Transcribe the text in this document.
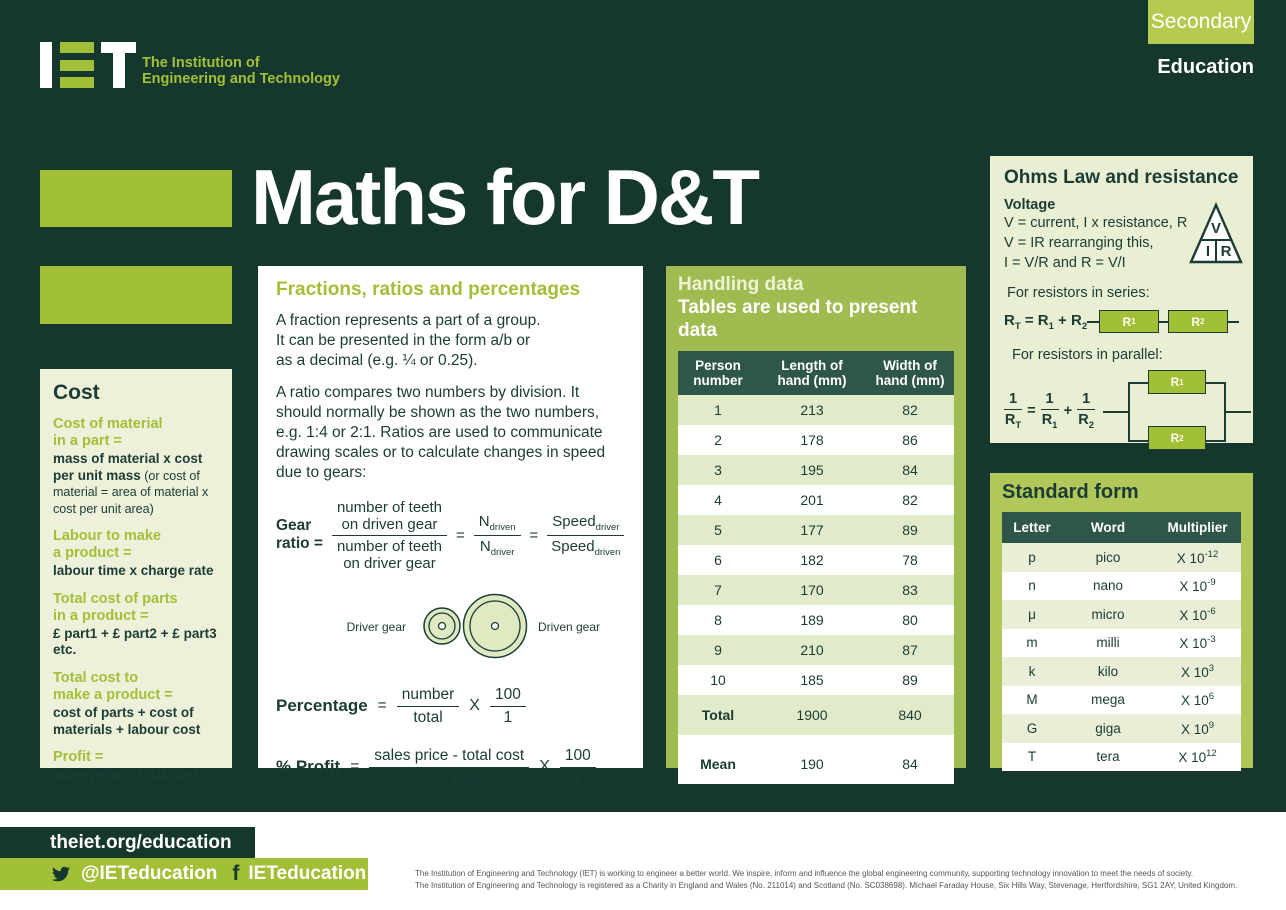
The Institution of
Engineering and Technology
Secondary
Education
Maths for D&T
Cost
Cost of material
in a part =
mass of material x cost per unit mass (or cost of material = area of material x cost per unit area)
Labour to make
a product =
labour time x charge rate
Total cost of parts
in a product =
£ part1 + £ part2 + £ part3 etc.
Total cost to
make a product =
cost of parts + cost of materials + labour cost
Profit =
sales price – total cost
Fractions, ratios and percentages
A fraction represents a part of a group.
It can be presented in the form a/b or
as a decimal (e.g. ¼ or 0.25).
A ratio compares two numbers by division. It should normally be shown as the two numbers, e.g. 1:4 or 2:1. Ratios are used to communicate drawing scales or to calculate changes in speed due to gears:
Gear
ratio = number of teeth
on driven gear
number of teeth
on driver gear = $\frac{N_{driven}}{N_{driver}} = \frac{Speed_{driver}}{Speed_{driven}}$
Driver gear	Driven gear
Percentage = $\frac{\text{number}}{\text{total}}$ X $\frac{100}{1}$
% Profit = $\frac{\text{sales price - total cost}}{\text{sales price}}$ X $\frac{100}{1}$
Handling data
Tables are used to present data
Person number
Length of hand (mm)
Width of hand (mm)
1	213	82
2	178	86
3	195	84
4	201	82
5	177	89
6	182	78
7	170	83
8	189	80
9	210	87
10	185	89
Total	1900	840
Mean	190	84
Ohms Law and resistance
Voltage
V = current, I x resistance, R
V = IR rearranging this,
I = V/R and R = V/I
For resistors in series:
$R_T = R_1 + R_2$	R 1	R 2
For resistors in parallel:
$\frac{1}{R_T} = \frac{1}{R_1} + \frac{1}{R_2}$
R 1
R 2
V
I R
Standard form
Letter	Word	Multiplier
p	pico	X $10^{-12}$
n	nano	X $10^{-9}$
μ	micro	X $10^{-6}$
m	milli	X $10^{-3}$
k	kilo	X $10^3$
M	mega	X $10^6$
G	giga	X $10^9$
T	tera	X $10^{12}$
theiet.org/education
@IETeducation f IETeducation	The Institution of Engineering and Technology (IET) is working to engineer a better world. We inspire, inform and influence the global engineering community, supporting technology innovation to meet the needs of society.
The Institution of Engineering and Technology is registered as a Charity in England and Wales (No. 211014) and Scotland (No. SC038698). Michael Faraday House, Six Hills Way, Stevenage, Hertfordshire, SG1 2AY, United Kingdom.
